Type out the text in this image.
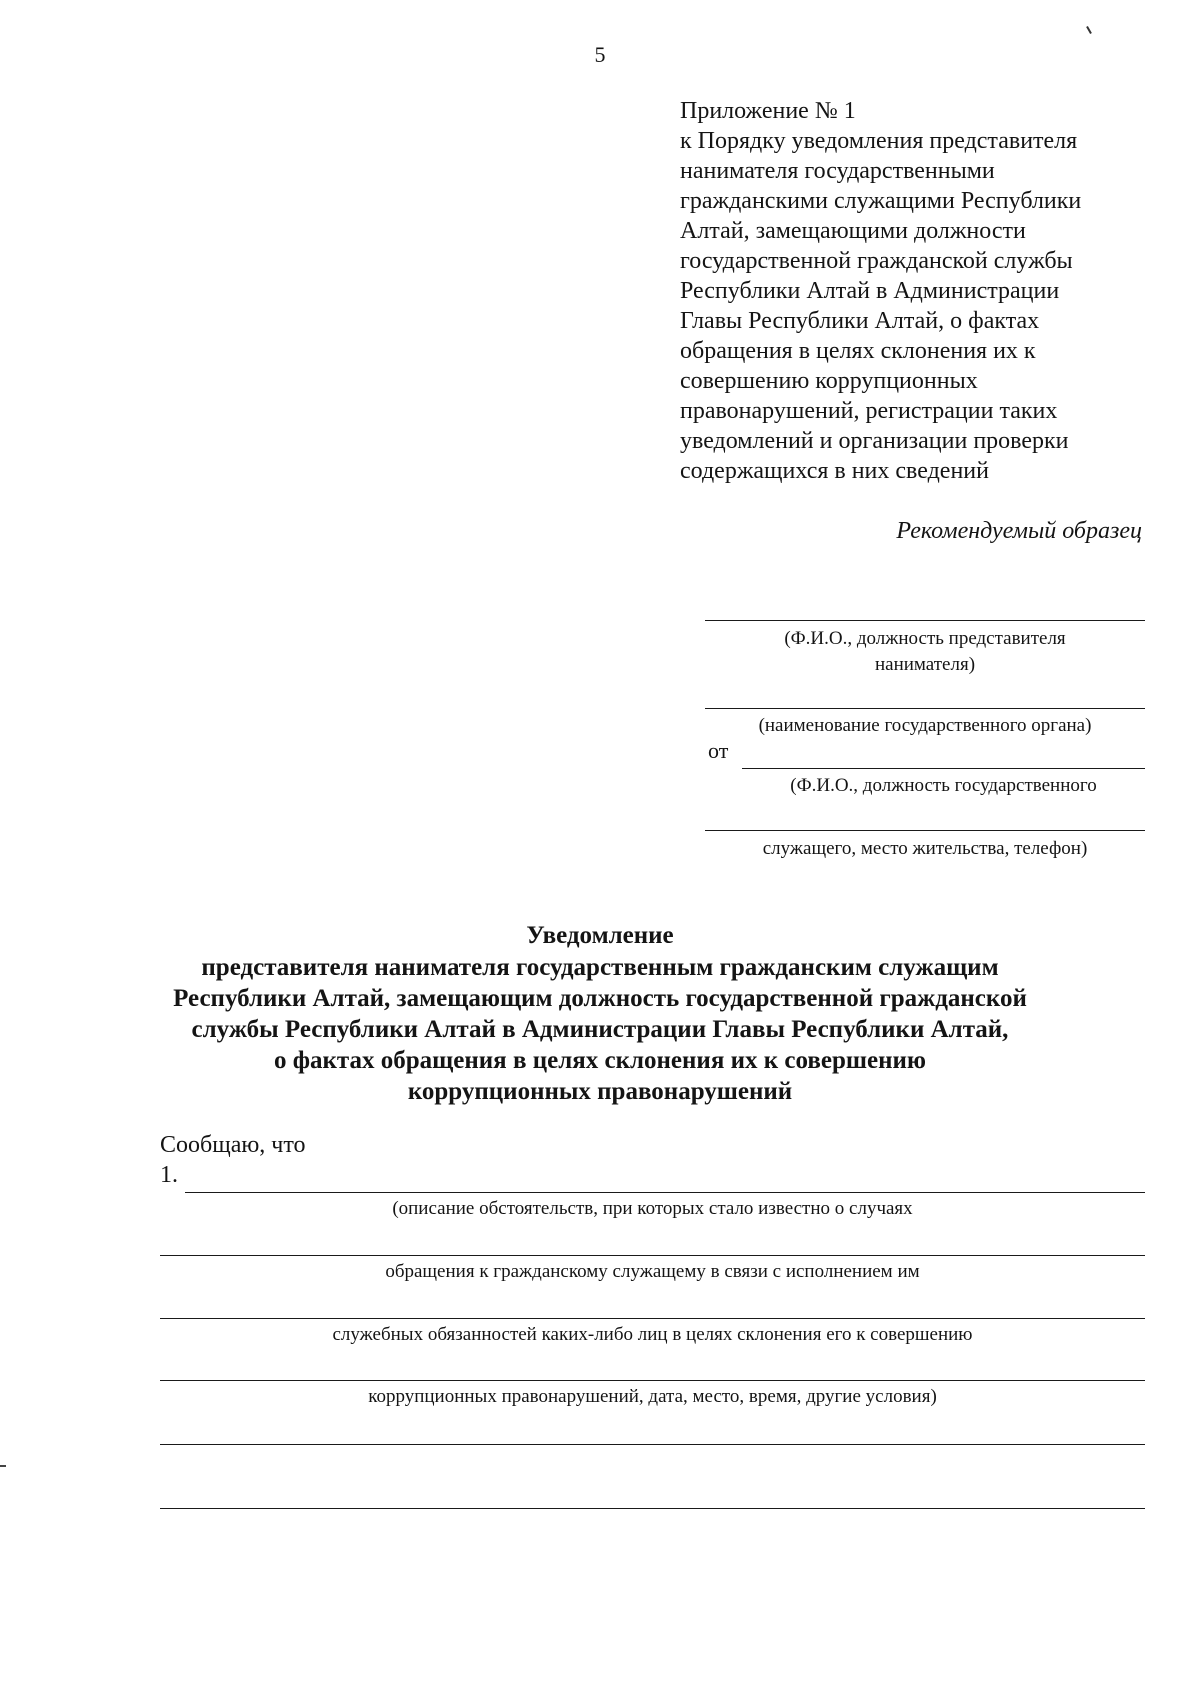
5
Приложение № 1
к Порядку уведомления представителя
нанимателя государственными
гражданскими служащими Республики
Алтай, замещающими должности
государственной гражданской службы
Республики Алтай в Администрации
Главы Республики Алтай, о фактах
обращения в целях склонения их к
совершению коррупционных
правонарушений, регистрации таких
уведомлений и организации проверки
содержащихся в них сведений
Рекомендуемый образец
(Ф.И.О., должность представителя
нанимателя)
(наименование государственного органа)
от
(Ф.И.О., должность государственного
служащего, место жительства, телефон)
Уведомление
представителя нанимателя государственным гражданским служащим
Республики Алтай, замещающим должность государственной гражданской
службы Республики Алтай в Администрации Главы Республики Алтай,
о фактах обращения в целях склонения их к совершению
коррупционных правонарушений
Сообщаю, что
1.
(описание обстоятельств, при которых стало известно о случаях
обращения к гражданскому служащему в связи с исполнением им
служебных обязанностей каких-либо лиц в целях склонения его к совершению
коррупционных правонарушений, дата, место, время, другие условия)
